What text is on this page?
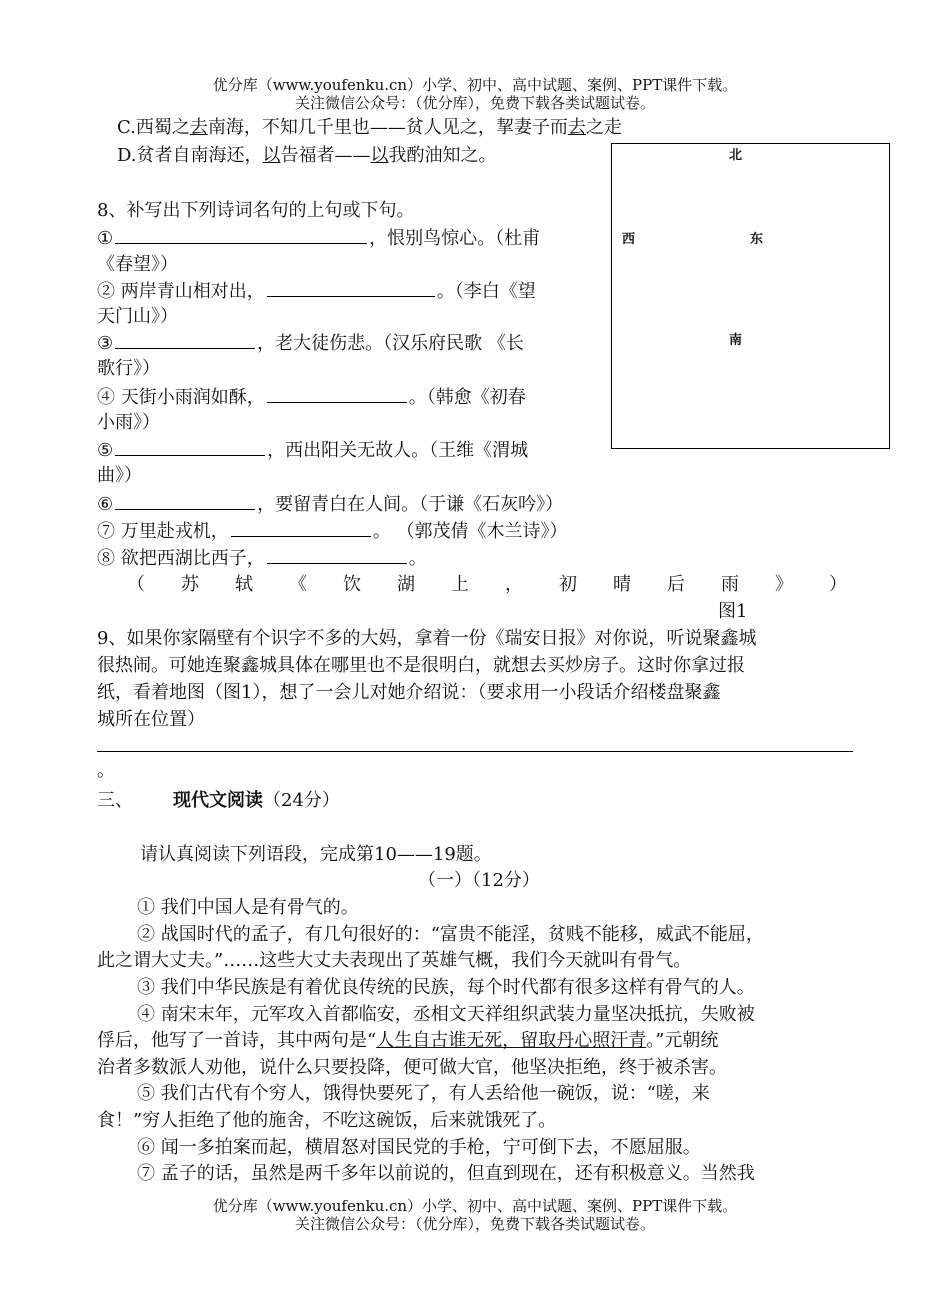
优分库（www.youfenku.cn）小学、初中、高中试题、案例、PPT课件下载。
关注微信公众号：（优分库），免费下载各类试题试卷。
C.西蜀之去南海，不知几千里也——贫人见之，挈妻子而去之走
D.贫者自南海还，以告福者——以我酌油知之。	北
西	东
南
8、补写出下列诗词名句的上句或下句。
①	，恨别鸟惊心。（杜甫
《春望》）
② 两岸青山相对出，	。（李白《望
天门山》）
③	，老大徒伤悲。（汉乐府民歌 《长
歌行》）
④ 天街小雨润如酥，	。（韩愈《初春
小雨》）
⑤	，西出阳关无故人。（王维《渭城
曲》）
⑥	，要留青白在人间。（于谦《石灰吟》）
⑦ 万里赴戎机，	。 （郭茂倩《木兰诗》）
⑧ 欲把西湖比西子，	。
（ 苏 轼 《 饮 湖 上 ， 初 晴 后 雨 》 ）
图1
9、如果你家隔壁有个识字不多的大妈，拿着一份《瑞安日报》对你说，听说聚鑫城
很热闹。可她连聚鑫城具体在哪里也不是很明白，就想去买炒房子。这时你拿过报
纸，看着地图（图1），想了一会儿对她介绍说：（要求用一小段话介绍楼盘聚鑫
城所在位置）
。
三、 现代文阅读（24分）
请认真阅读下列语段，完成第10——19题。
（一）（12分）
① 我们中国人是有骨气的。
② 战国时代的孟子，有几句很好的：“富贵不能淫，贫贱不能移，威武不能屈，
此之谓大丈夫。”……这些大丈夫表现出了英雄气概，我们今天就叫有骨气。
③ 我们中华民族是有着优良传统的民族，每个时代都有很多这样有骨气的人。
④ 南宋末年，元军攻入首都临安，丞相文天祥组织武装力量坚决抵抗，失败被
俘后，他写了一首诗，其中两句是“人生自古谁无死，留取丹心照汗青。”元朝统
治者多数派人劝他，说什么只要投降，便可做大官，他坚决拒绝，终于被杀害。
⑤ 我们古代有个穷人，饿得快要死了，有人丢给他一碗饭，说：“嗟，来
食！”穷人拒绝了他的施舍，不吃这碗饭，后来就饿死了。
⑥ 闻一多拍案而起，横眉怒对国民党的手枪，宁可倒下去，不愿屈服。
⑦ 孟子的话，虽然是两千多年以前说的，但直到现在，还有积极意义。当然我
优分库（www.youfenku.cn）小学、初中、高中试题、案例、PPT课件下载。
关注微信公众号：（优分库），免费下载各类试题试卷。
